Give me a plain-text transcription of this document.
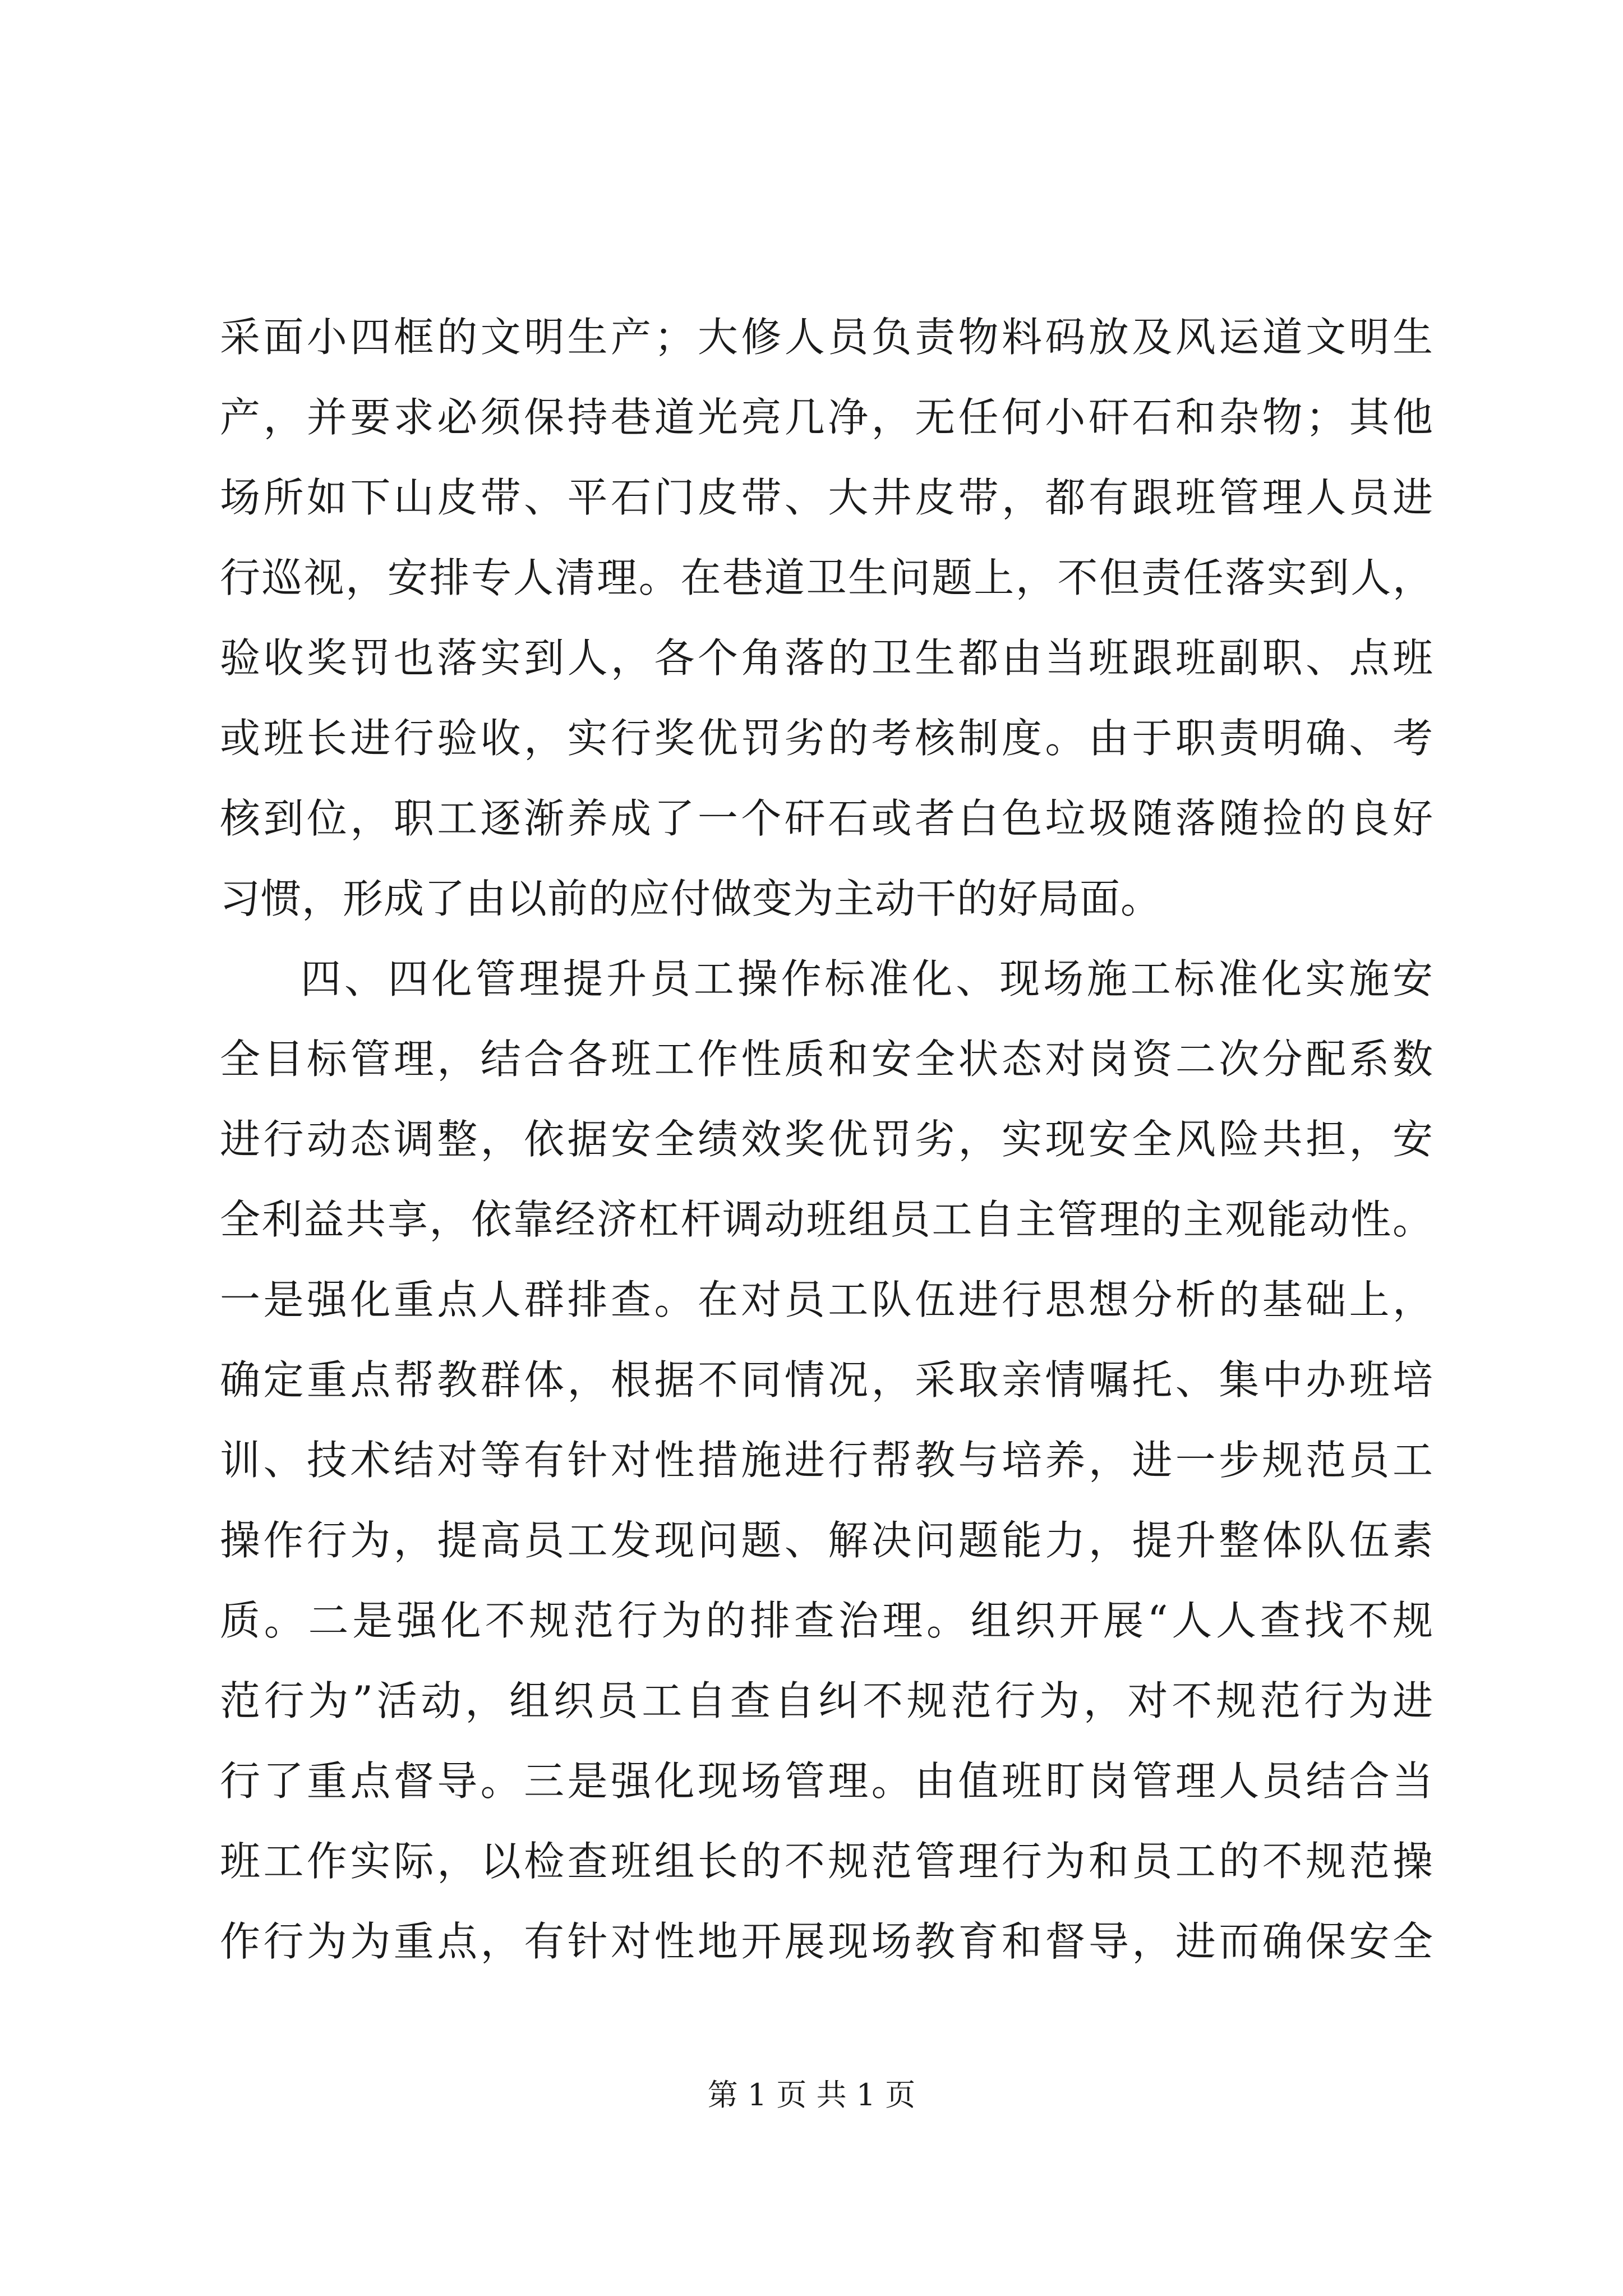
采面小四框的文明生产；大修人员负责物料码放及风运道文明生
产，并要求必须保持巷道光亮几净，无任何小矸石和杂物；其他
场所如下山皮带、平石门皮带、大井皮带，都有跟班管理人员进
行巡视，安排专人清理。在巷道卫生问题上，不但责任落实到人，
验收奖罚也落实到人，各个角落的卫生都由当班跟班副职、点班
或班长进行验收，实行奖优罚劣的考核制度。由于职责明确、考
核到位，职工逐渐养成了一个矸石或者白色垃圾随落随捡的良好
习惯，形成了由以前的应付做变为主动干的好局面。
四、四化管理提升员工操作标准化、现场施工标准化实施安
全目标管理，结合各班工作性质和安全状态对岗资二次分配系数
进行动态调整，依据安全绩效奖优罚劣，实现安全风险共担，安
全利益共享，依靠经济杠杆调动班组员工自主管理的主观能动性。
一是强化重点人群排查。在对员工队伍进行思想分析的基础上，
确定重点帮教群体，根据不同情况，采取亲情嘱托、集中办班培
训、技术结对等有针对性措施进行帮教与培养，进一步规范员工
操作行为，提高员工发现问题、解决问题能力，提升整体队伍素
质。二是强化不规范行为的排查治理。组织开展“人人查找不规
范行为”活动，组织员工自查自纠不规范行为，对不规范行为进
行了重点督导。三是强化现场管理。由值班盯岗管理人员结合当
班工作实际，以检查班组长的不规范管理行为和员工的不规范操
作行为为重点，有针对性地开展现场教育和督导，进而确保安全
第 1 页 共 1 页
